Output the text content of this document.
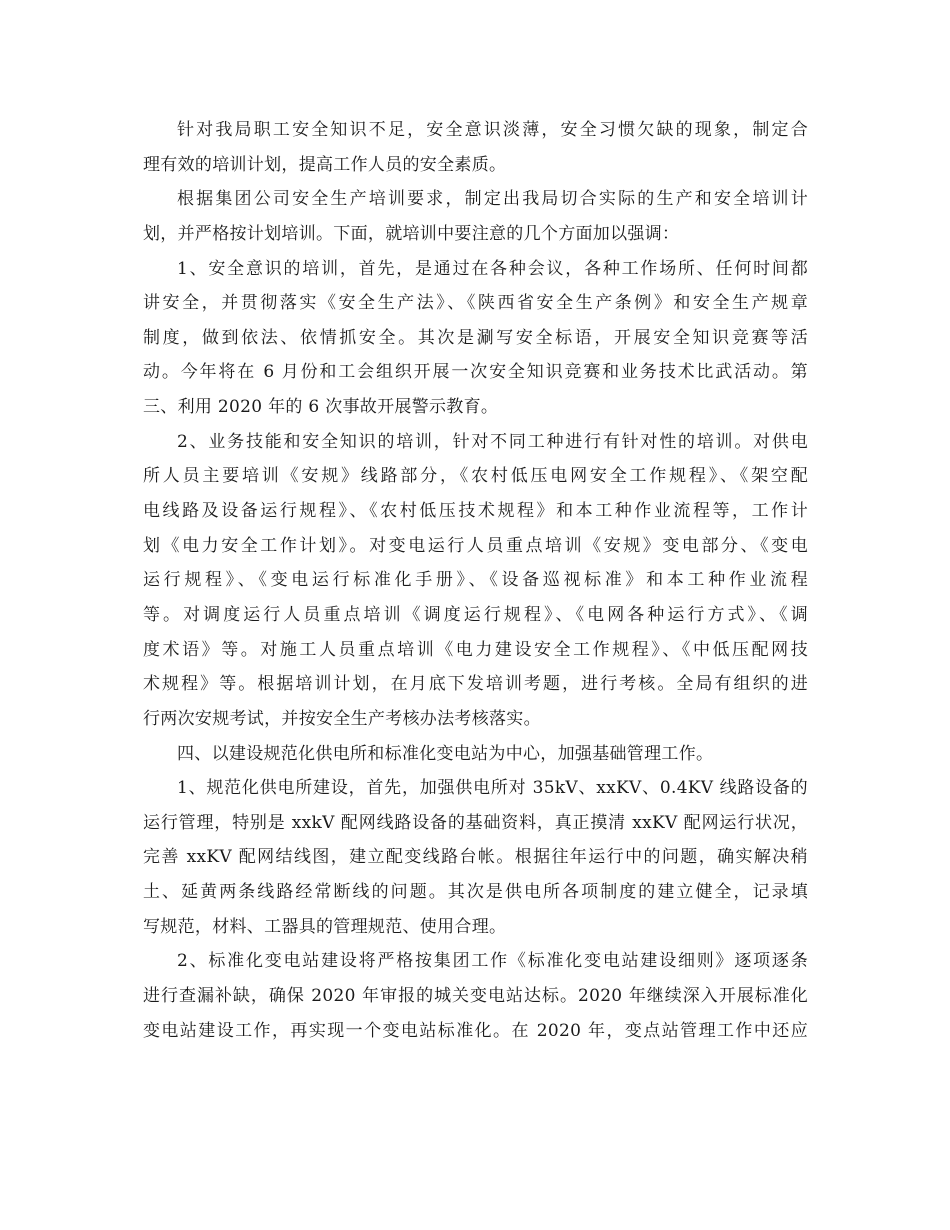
针对我局职工安全知识不足，安全意识淡薄，安全习惯欠缺的现象，制定合
理有效的培训计划，提高工作人员的安全素质。
根据集团公司安全生产培训要求，制定出我局切合实际的生产和安全培训计
划，并严格按计划培训。下面，就培训中要注意的几个方面加以强调：
1、安全意识的培训，首先，是通过在各种会议，各种工作场所、任何时间都
讲安全，并贯彻落实《安全生产法》、《陕西省安全生产条例》和安全生产规章
制度，做到依法、依情抓安全。其次是涮写安全标语，开展安全知识竞赛等活
动。今年将在 6 月份和工会组织开展一次安全知识竞赛和业务技术比武活动。第
三、利用 2020 年的 6 次事故开展警示教育。
2、业务技能和安全知识的培训，针对不同工种进行有针对性的培训。对供电
所人员主要培训《安规》线路部分，《农村低压电网安全工作规程》、《架空配
电线路及设备运行规程》、《农村低压技术规程》和本工种作业流程等，工作计
划《电力安全工作计划》。对变电运行人员重点培训《安规》变电部分、《变电
运行规程》、《变电运行标准化手册》、《设备巡视标准》和本工种作业流程
等。对调度运行人员重点培训《调度运行规程》、《电网各种运行方式》、《调
度术语》等。对施工人员重点培训《电力建设安全工作规程》、《中低压配网技
术规程》等。根据培训计划，在月底下发培训考题，进行考核。全局有组织的进
行两次安规考试，并按安全生产考核办法考核落实。
四、以建设规范化供电所和标准化变电站为中心，加强基础管理工作。
1、规范化供电所建设，首先，加强供电所对 35kV、xxKV、0.4KV 线路设备的
运行管理，特别是 xxkV 配网线路设备的基础资料，真正摸清 xxKV 配网运行状况，
完善 xxKV 配网结线图，建立配变线路台帐。根据往年运行中的问题，确实解决稍
土、延黄两条线路经常断线的问题。其次是供电所各项制度的建立健全，记录填
写规范，材料、工器具的管理规范、使用合理。
2、标准化变电站建设将严格按集团工作《标准化变电站建设细则》逐项逐条
进行查漏补缺，确保 2020 年审报的城关变电站达标。2020 年继续深入开展标准化
变电站建设工作，再实现一个变电站标准化。在 2020 年，变点站管理工作中还应
